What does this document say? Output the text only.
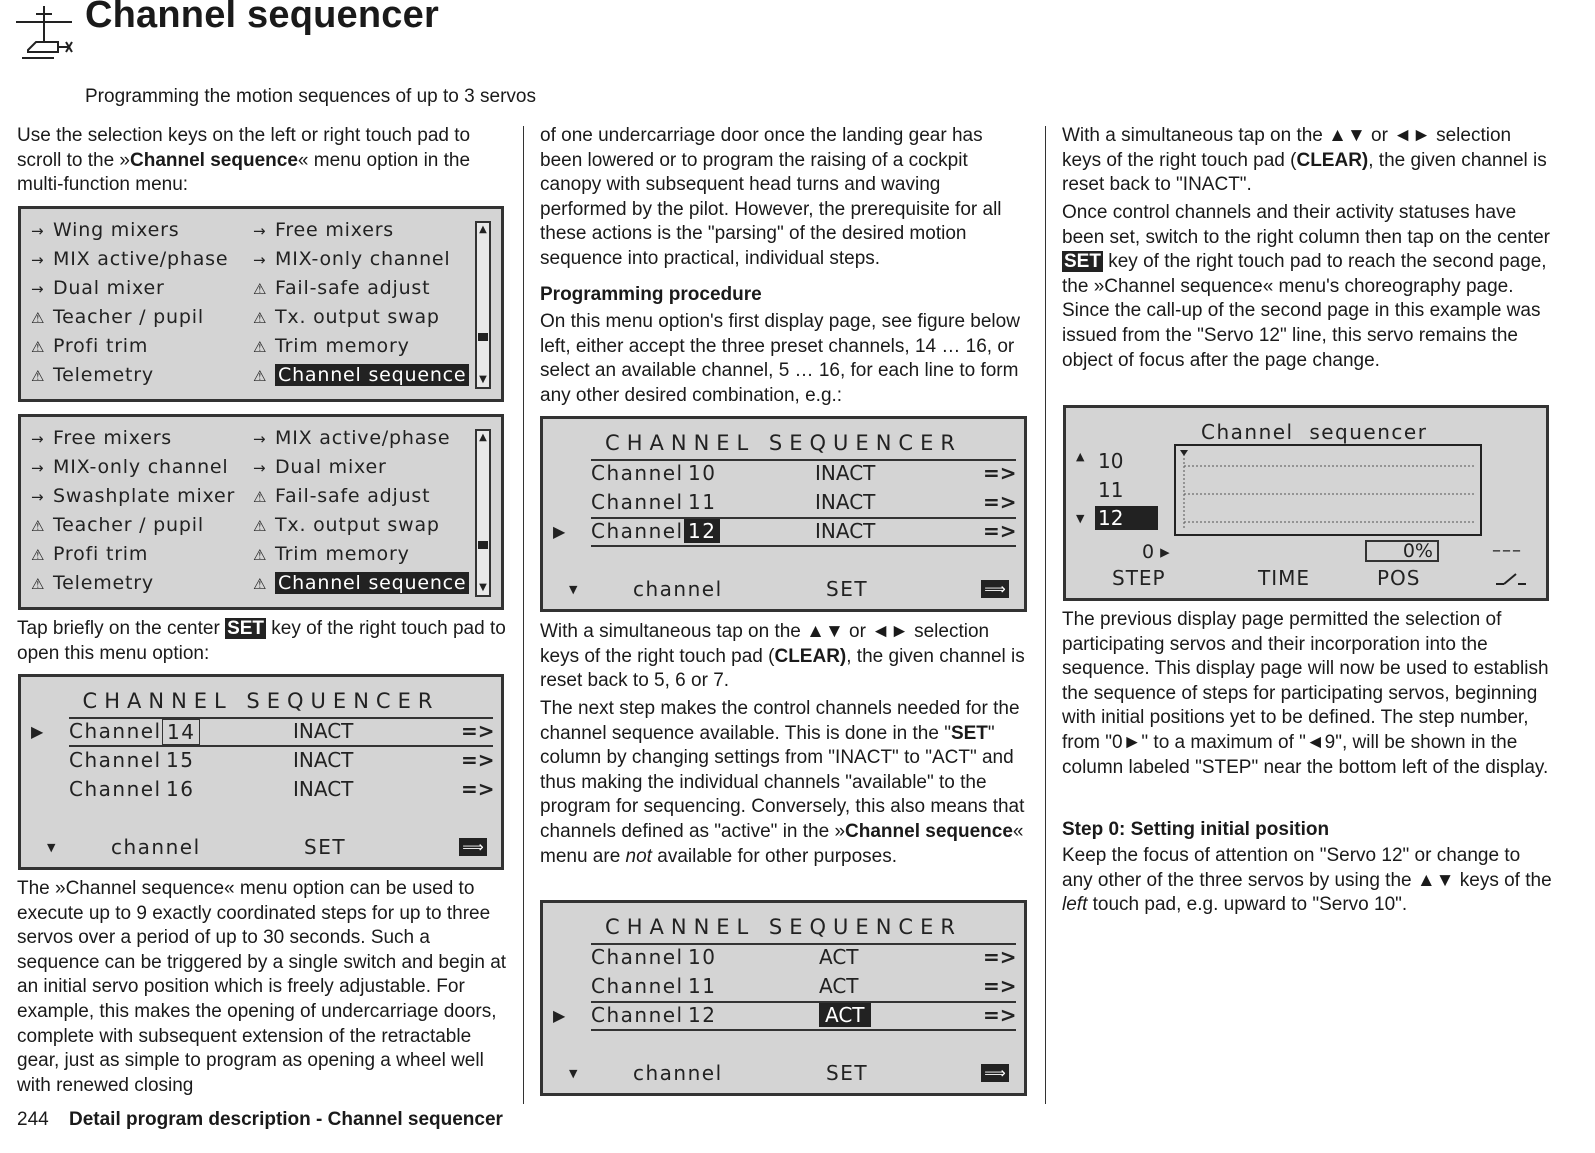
Channel sequencer
Programming the motion sequences of up to 3 servos
Use the selection keys on the left or right touch pad to scroll to the »Channel sequence« menu option in the multi-function menu:
→ Wing mixers
→ MIX active/phase
→ Dual mixer
⚠ Teacher / pupil
⚠ Profi trim
⚠ Telemetry
→ Free mixers
→ MIX-only channel
⚠ Fail-safe adjust
⚠ Tx. output swap
⚠ Trim memory
⚠ Channel sequence
▲
▼
→ Free mixers
→ MIX-only channel
→ Swashplate mixer
⚠ Teacher / pupil
⚠ Profi trim
⚠ Telemetry
→ MIX active/phase
→ Dual mixer
⚠ Fail-safe adjust
⚠ Tx. output swap
⚠ Trim memory
⚠ Channel sequence
▲
▼
Tap briefly on the center SET key of the right touch pad to open this menu option:
CHANNEL SEQUENCER
Channel 14	INACT	=>
▶
Channel 15	INACT	=>
Channel 16	INACT	=>
▼	channel	SET	⟹
The »Channel sequence« menu option can be used to execute up to 9 exactly coordinated steps for up to three servos over a period of up to 30 seconds. Such a sequence can be triggered by a single switch and begin at an initial servo position which is freely adjustable. For example, this makes the opening of undercarriage doors, complete with subsequent extension of the retractable gear, just as simple to program as opening a wheel well with renewed closing
of one undercarriage door once the landing gear has been lowered or to program the raising of a cockpit canopy with subsequent head turns and waving performed by the pilot. However, the prerequisite for all these actions is the "parsing" of the desired motion sequence into practical, individual steps.
Programming procedure
On this menu option's first display page, see figure below left, either accept the three preset channels, 14 … 16, or select an available channel, 5 … 16, for each line to form any other desired combination, e.g.:
CHANNEL SEQUENCER
Channel 10	INACT	=>
Channel 11	INACT	=>
Channel 12	INACT	=>
▶
▼	channel	SET	⟹
With a simultaneous tap on the ▲▼ or ◄► selection keys of the right touch pad (CLEAR), the given channel is reset back to 5, 6 or 7.
The next step makes the control channels needed for the channel sequence available. This is done in the "SET" column by changing settings from "INACT" to "ACT" and thus making the individual channels "available" to the program for sequencing. Conversely, this also means that channels defined as "active" in the »Channel sequence« menu are not available for other purposes.
CHANNEL SEQUENCER
Channel 10	ACT	=>
Channel 11	ACT	=>
Channel 12	ACT	=>
▶
▼	channel	SET	⟹
With a simultaneous tap on the ▲▼ or ◄► selection keys of the right touch pad (CLEAR), the given channel is reset back to "INACT".
Once control channels and their activity statuses have been set, switch to the right column then tap on the center SET key of the right touch pad to reach the second page, the »Channel sequence« menu's choreography page. Since the call-up of the second page in this example was issued from the "Servo 12" line, this servo remains the object of focus after the page change.
Channel  sequencer
▲ 10
11
▼ 12
0 ▸	0%	–––
STEP	TIME	POS
The previous display page permitted the selection of participating servos and their incorporation into the sequence. This display page will now be used to establish the sequence of steps for participating servos, beginning with initial positions yet to be defined. The step number, from "0►" to a maximum of "◄9", will be shown in the column labeled "STEP" near the bottom left of the display.
Step 0: Setting initial position
Keep the focus of attention on "Servo 12" or change to any other of the three servos by using the ▲▼ keys of the left touch pad, e.g. upward to "Servo 10".
244 Detail program description - Channel sequencer
